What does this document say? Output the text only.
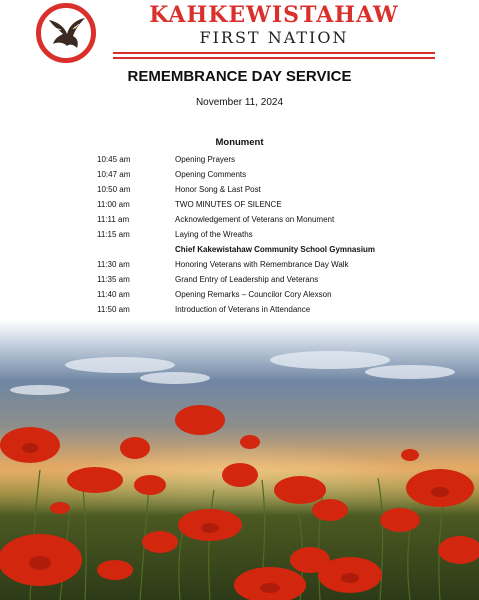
KAHKEWISTAHAW
FIRST NATION
REMEMBRANCE DAY SERVICE
November 11, 2024
Monument
10:45 am	Opening Prayers
10:47 am	Opening Comments
10:50 am	Honor Song & Last Post
11:00 am	TWO MINUTES OF SILENCE
11:11 am	Acknowledgement of Veterans on Monument
11:15 am	Laying of the Wreaths
Chief Kakewistahaw Community School Gymnasium
11:30 am	Honoring Veterans with Remembrance Day Walk
11:35 am	Grand Entry of Leadership and Veterans
11:40 am	Opening Remarks – Councilor Cory Alexson
11:50 am	Introduction of Veterans in Attendance
